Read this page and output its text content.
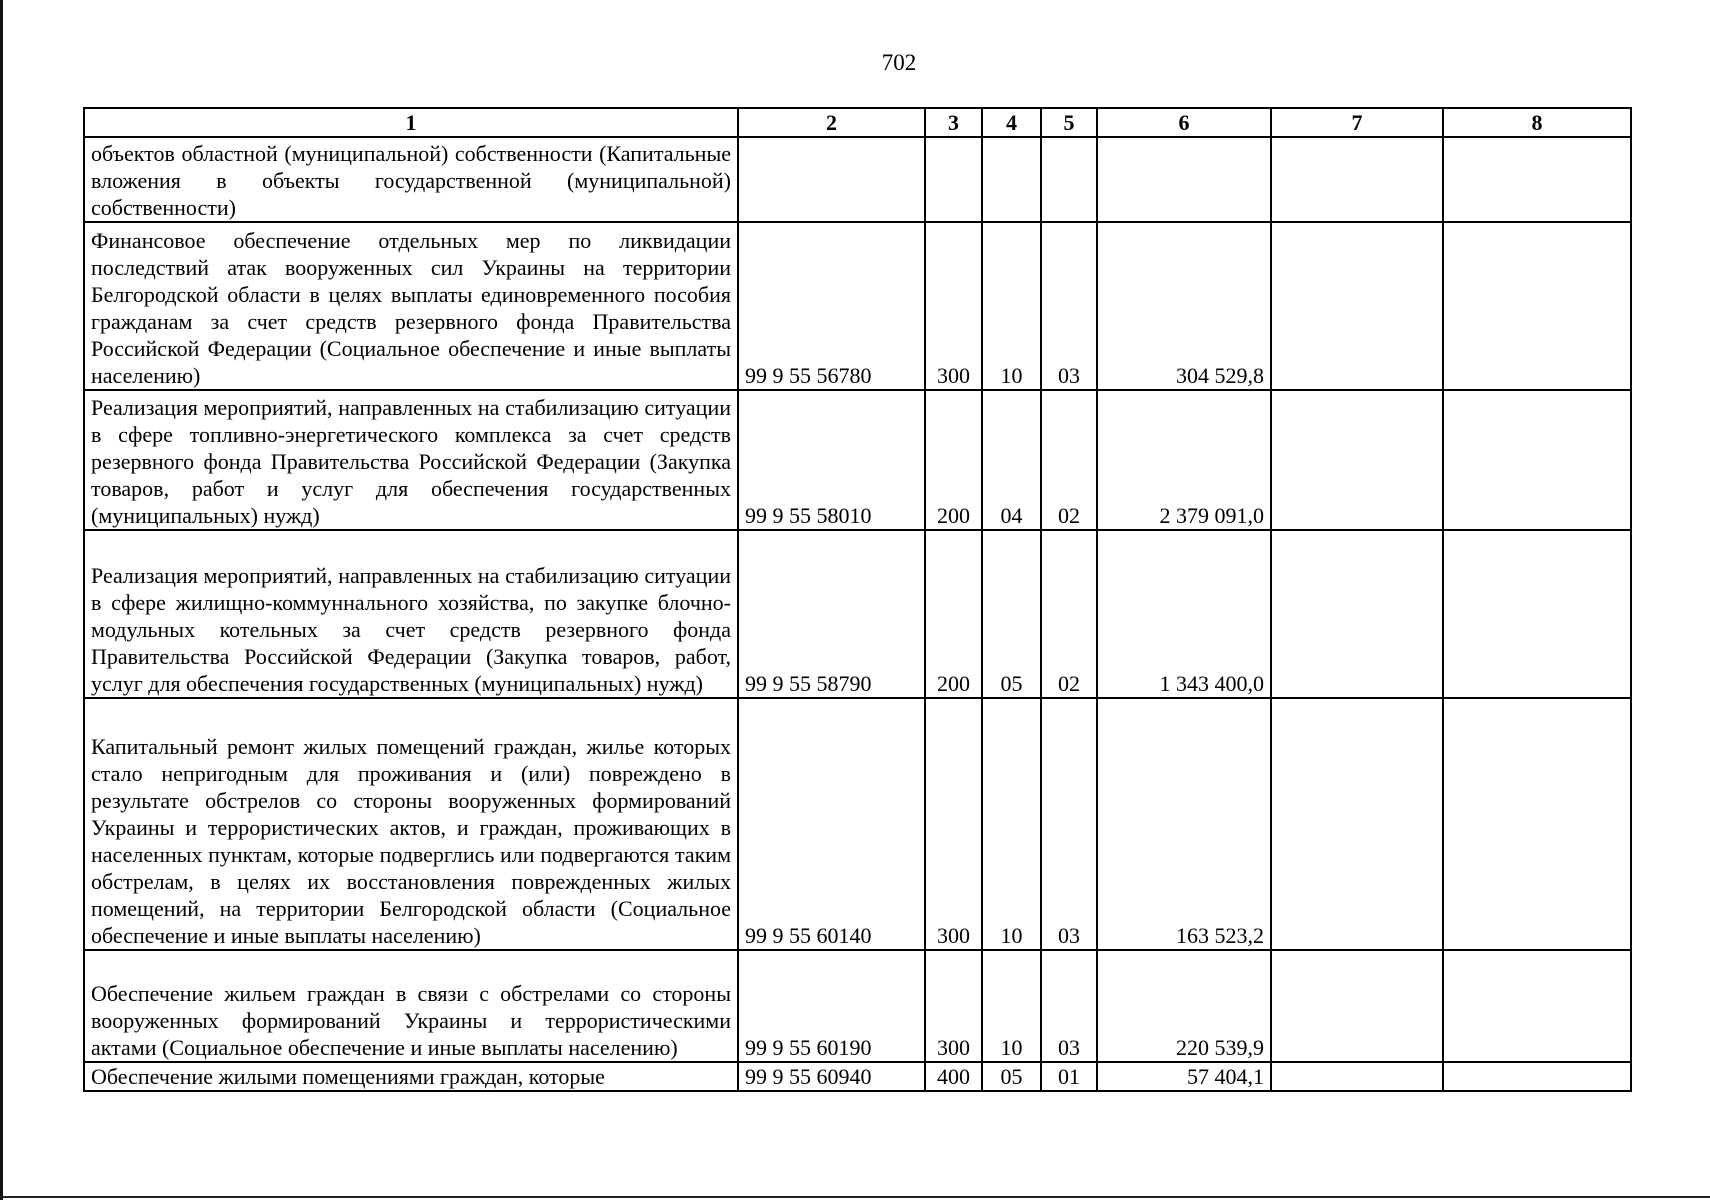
702
1	2	3	4	5	6	7	8
объектов областной (муниципальной) собственности (Капитальные вложения в объекты государственной (муниципальной) собственности)							
Финансовое обеспечение отдельных мер по ликвидации последствий атак вооруженных сил Украины на территории Белгородской области в целях выплаты единовременного пособия гражданам за счет средств резервного фонда Правительства Российской Федерации (Социальное обеспечение и иные выплаты населению)	99 9 55 56780	300	10	03	304 529,8		
Реализация мероприятий, направленных на стабилизацию ситуации в сфере топливно-энергетического комплекса за счет средств резервного фонда Правительства Российской Федерации (Закупка товаров, работ и услуг для обеспечения государственных (муниципальных) нужд)	99 9 55 58010	200	04	02	2 379 091,0		
Реализация мероприятий, направленных на стабилизацию ситуации в сфере жилищно-коммуннального хозяйства, по закупке блочно-модульных котельных за счет средств резервного фонда Правительства Российской Федерации (Закупка товаров, работ, услуг для обеспечения государственных (муниципальных) нужд)	99 9 55 58790	200	05	02	1 343 400,0		
Капитальный ремонт жилых помещений граждан, жилье которых стало непригодным для проживания и (или) повреждено в результате обстрелов со стороны вооруженных формирований Украины и террористических актов, и граждан, проживающих в населенных пунктам, которые подверглись или подвергаются таким обстрелам, в целях их восстановления поврежденных жилых помещений, на территории Белгородской области (Социальное обеспечение и иные выплаты населению)	99 9 55 60140	300	10	03	163 523,2		
Обеспечение жильем граждан в связи с обстрелами со стороны вооруженных формирований Украины и террористическими актами (Социальное обеспечение и иные выплаты населению)	99 9 55 60190	300	10	03	220 539,9		

Обеспечение жилыми помещениями граждан, которые	99 9 55 60940	400	05	01	57 404,1		
